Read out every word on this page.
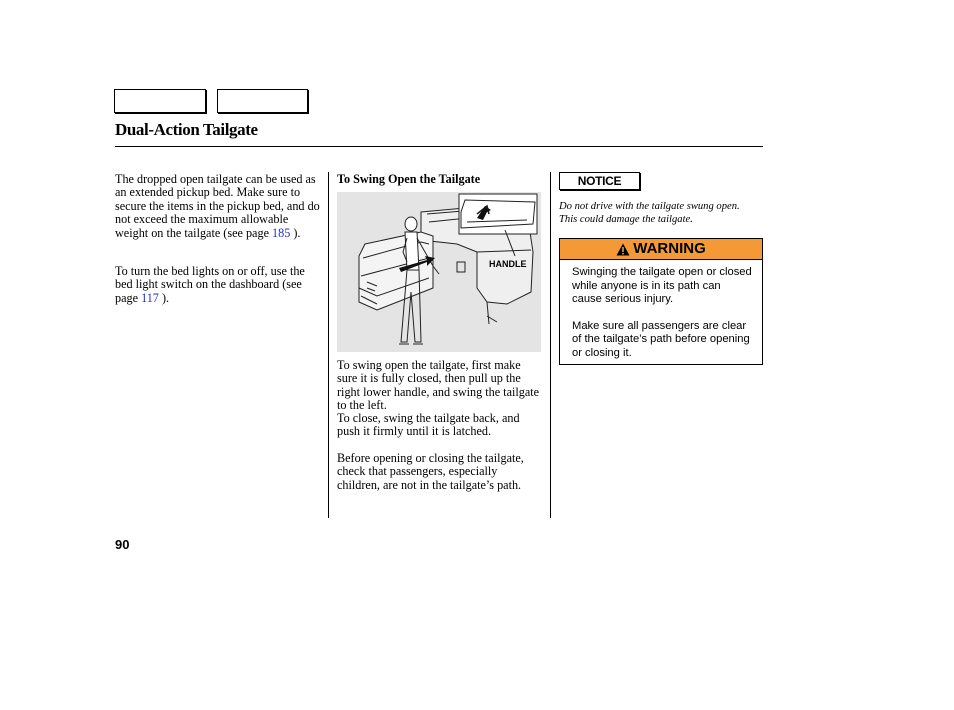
Dual-Action Tailgate

The dropped open tailgate can be used as an extended pickup bed. Make sure to secure the items in the pickup bed, and do not exceed the maximum allowable weight on the tailgate (see page 185 ).

To turn the bed lights on or off, use the bed light switch on the dashboard (see page 117 ).

To Swing Open the Tailgate
HANDLE

To swing open the tailgate, first make sure it is fully closed, then pull up the right lower handle, and swing the tailgate to the left.

To close, swing the tailgate back, and push it firmly until it is latched.

Before opening or closing the tailgate, check that passengers, especially children, are not in the tailgate’s path.

NOTICE

Do not drive with the tailgate swung open. This could damage the tailgate.

WARNING

Swinging the tailgate open or closed while anyone is in its path can cause serious injury.

Make sure all passengers are clear of the tailgate’s path before opening or closing it.

90
